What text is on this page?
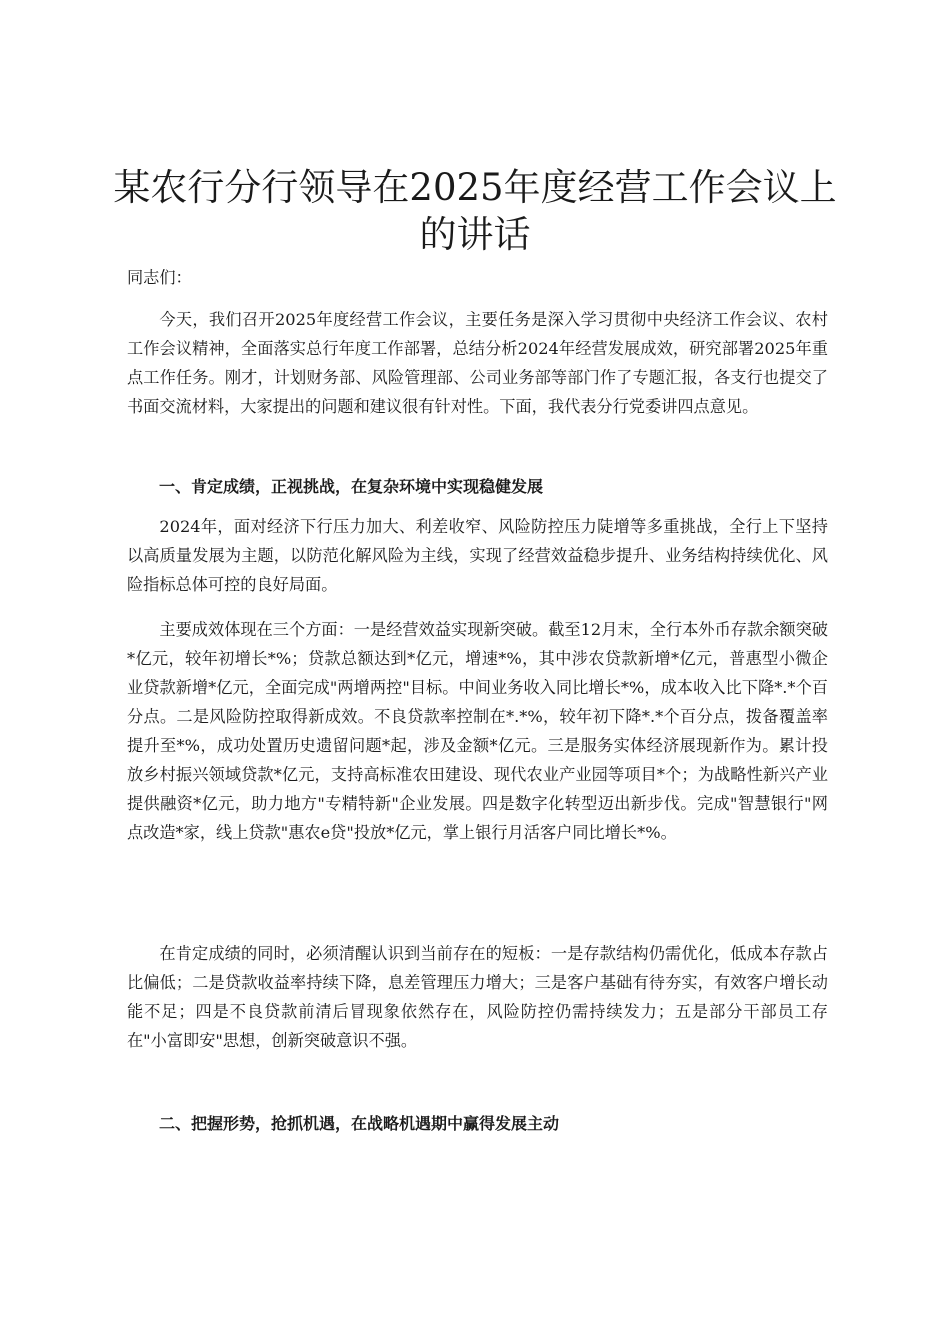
某农行分行领导在2025年度经营工作会议上的讲话

同志们：

今天，我们召开2025年度经营工作会议，主要任务是深入学习贯彻中央经济工作会议、农村工作会议精神，全面落实总行年度工作部署，总结分析2024年经营发展成效，研究部署2025年重点工作任务。刚才，计划财务部、风险管理部、公司业务部等部门作了专题汇报，各支行也提交了书面交流材料，大家提出的问题和建议很有针对性。下面，我代表分行党委讲四点意见。

一、肯定成绩，正视挑战，在复杂环境中实现稳健发展

2024年，面对经济下行压力加大、利差收窄、风险防控压力陡增等多重挑战，全行上下坚持以高质量发展为主题，以防范化解风险为主线，实现了经营效益稳步提升、业务结构持续优化、风险指标总体可控的良好局面。

主要成效体现在三个方面：一是经营效益实现新突破。截至12月末，全行本外币存款余额突破*亿元，较年初增长*%；贷款总额达到*亿元，增速*%，其中涉农贷款新增*亿元，普惠型小微企业贷款新增*亿元，全面完成"两增两控"目标。中间业务收入同比增长*%，成本收入比下降*.*个百分点。二是风险防控取得新成效。不良贷款率控制在*.*%，较年初下降*.*个百分点，拨备覆盖率提升至*%，成功处置历史遗留问题*起，涉及金额*亿元。三是服务实体经济展现新作为。累计投放乡村振兴领域贷款*亿元，支持高标准农田建设、现代农业产业园等项目*个；为战略性新兴产业提供融资*亿元，助力地方"专精特新"企业发展。四是数字化转型迈出新步伐。完成"智慧银行"网点改造*家，线上贷款"惠农e贷"投放*亿元，掌上银行月活客户同比增长*%。

在肯定成绩的同时，必须清醒认识到当前存在的短板：一是存款结构仍需优化，低成本存款占比偏低；二是贷款收益率持续下降，息差管理压力增大；三是客户基础有待夯实，有效客户增长动能不足；四是不良贷款前清后冒现象依然存在，风险防控仍需持续发力；五是部分干部员工存在"小富即安"思想，创新突破意识不强。

二、把握形势，抢抓机遇，在战略机遇期中赢得发展主动
